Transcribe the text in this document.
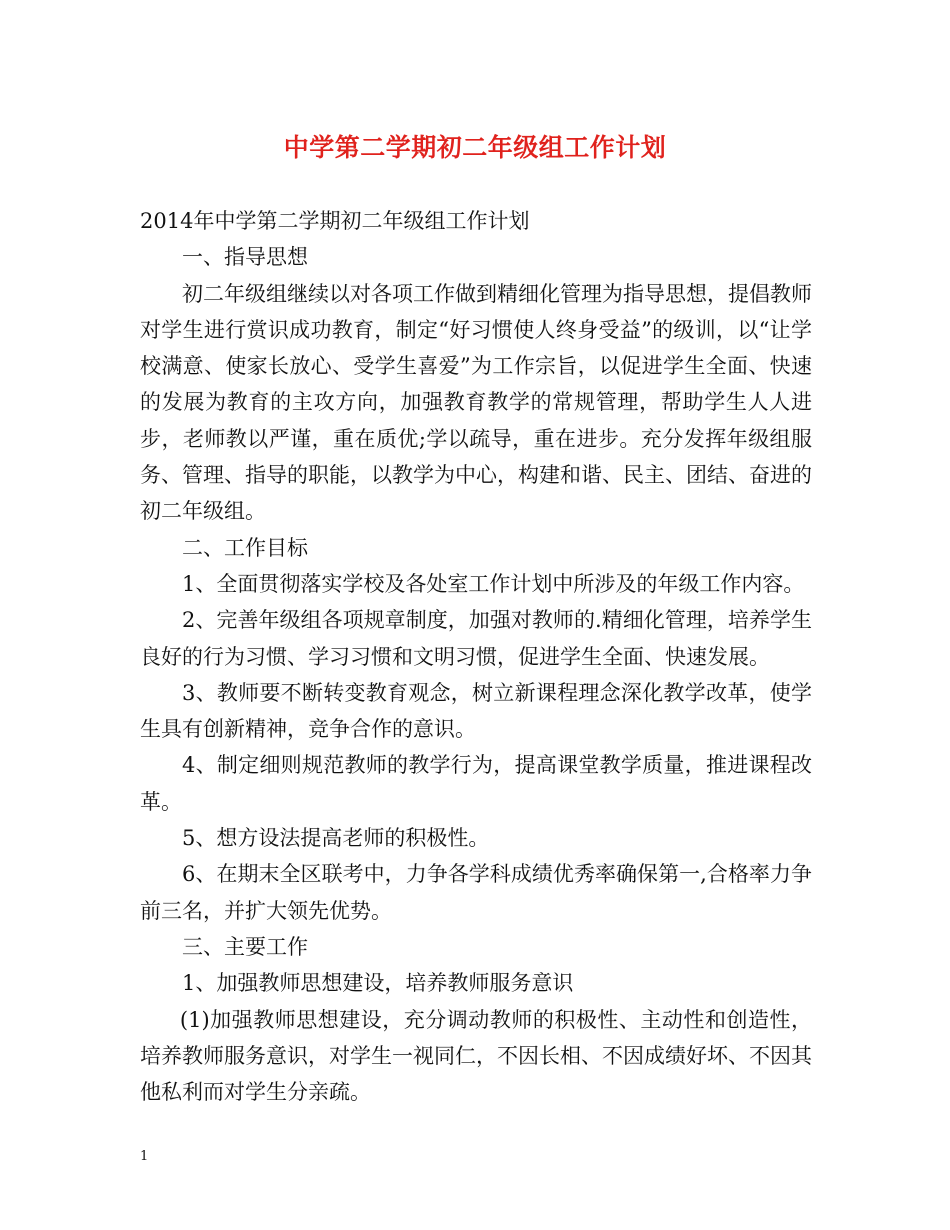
中学第二学期初二年级组工作计划

2014年中学第二学期初二年级组工作计划

一、指导思想

初二年级组继续以对各项工作做到精细化管理为指导思想，提倡教师对学生进行赏识成功教育，制定“好习惯使人终身受益”的级训，以“让学校满意、使家长放心、受学生喜爱”为工作宗旨，以促进学生全面、快速的发展为教育的主攻方向，加强教育教学的常规管理，帮助学生人人进步，老师教以严谨，重在质优;学以疏导，重在进步。充分发挥年级组服务、管理、指导的职能，以教学为中心，构建和谐、民主、团结、奋进的初二年级组。

二、工作目标

1、全面贯彻落实学校及各处室工作计划中所涉及的年级工作内容。

2、完善年级组各项规章制度，加强对教师的.精细化管理，培养学生良好的行为习惯、学习习惯和文明习惯，促进学生全面、快速发展。

3、教师要不断转变教育观念，树立新课程理念深化教学改革，使学生具有创新精神，竞争合作的意识。

4、制定细则规范教师的教学行为，提高课堂教学质量，推进课程改革。

5、想方设法提高老师的积极性。

6、在期末全区联考中，力争各学科成绩优秀率确保第一,合格率力争前三名，并扩大领先优势。

三、主要工作

1、加强教师思想建设，培养教师服务意识

(1)加强教师思想建设，充分调动教师的积极性、主动性和创造性，培养教师服务意识，对学生一视同仁，不因长相、不因成绩好坏、不因其他私利而对学生分亲疏。

1
